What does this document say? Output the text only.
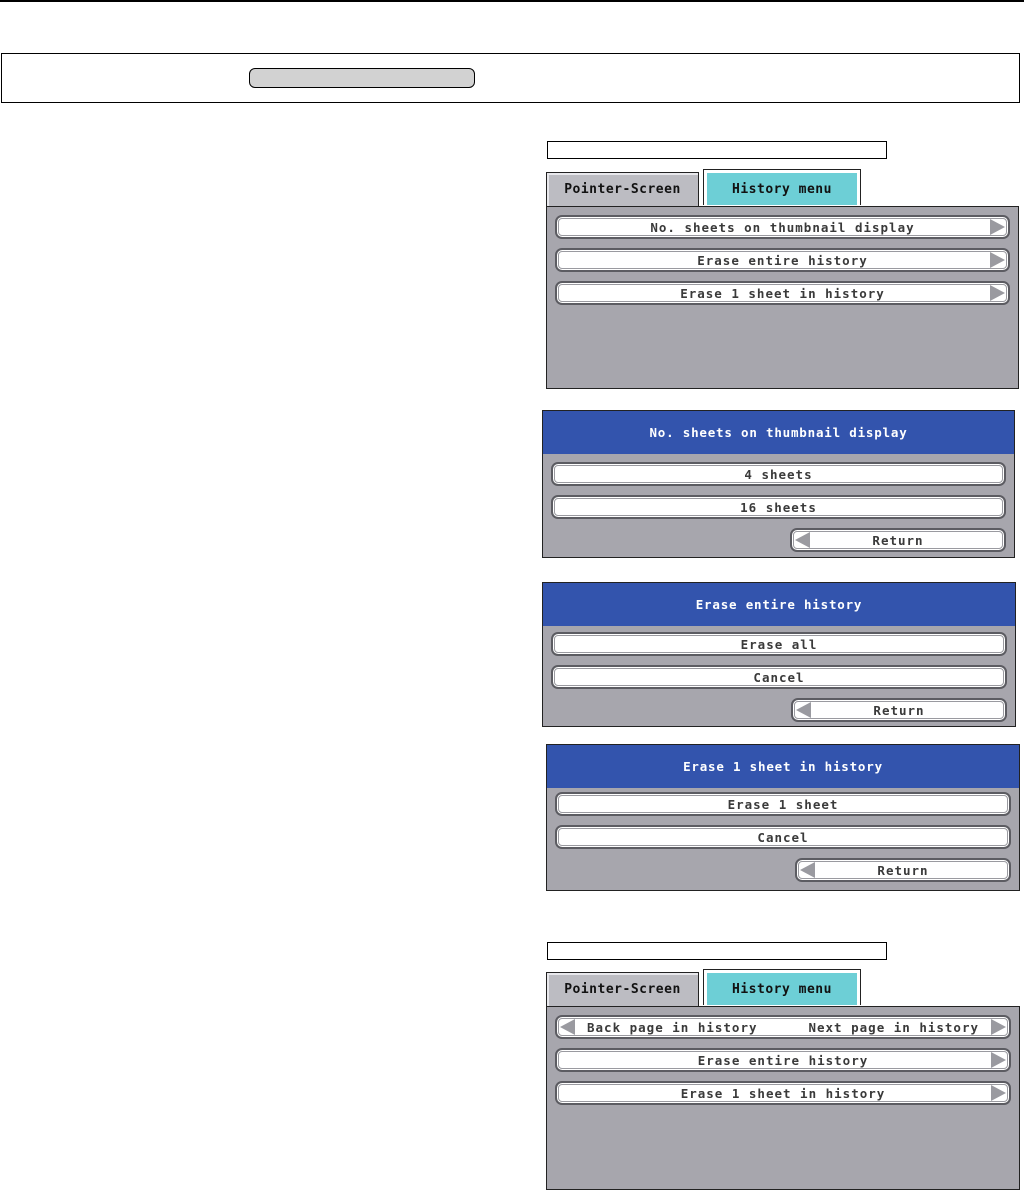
Pointer-Screen	History menu
No. sheets on thumbnail display
Erase entire history
Erase 1 sheet in history
No. sheets on thumbnail display
4 sheets
16 sheets
Return
Erase entire history
Erase all
Cancel
Return
Erase 1 sheet in history
Erase 1 sheet
Cancel
Return
Pointer-Screen	History menu
Back page in history	Next page in history
Erase entire history
Erase 1 sheet in history
